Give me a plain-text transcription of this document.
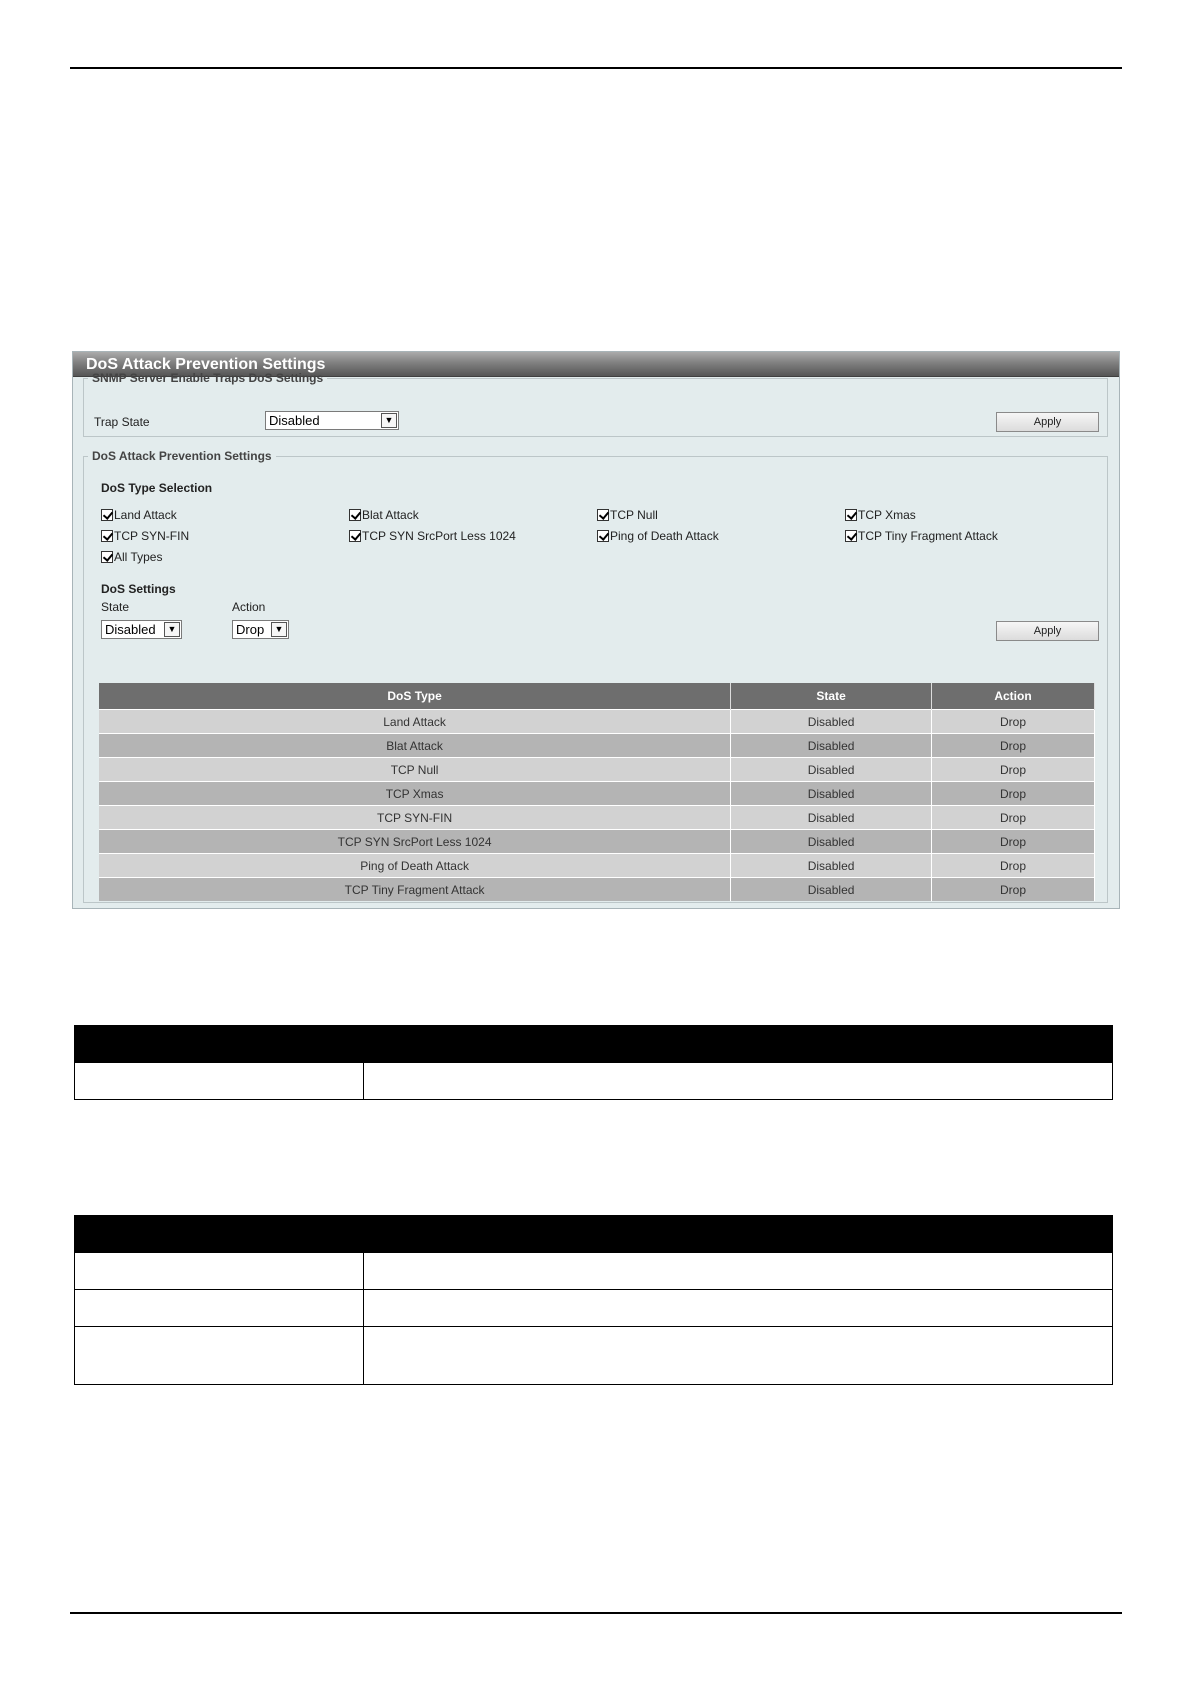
DoS Attack Prevention Settings
SNMP Server Enable Traps DoS Settings
Trap State	Disabled	▼	Apply
DoS Attack Prevention Settings
DoS Type Selection
Land Attack	Blat Attack	TCP Null	TCP Xmas
TCP SYN-FIN	TCP SYN SrcPort Less 1024	Ping of Death Attack	TCP Tiny Fragment Attack
All Types
DoS Settings
State	Action
Disabled	▼	Drop	▼	Apply
DoS Type	State	Action
Land Attack	Disabled	Drop
Blat Attack	Disabled	Drop
TCP Null	Disabled	Drop
TCP Xmas	Disabled	Drop
TCP SYN-FIN	Disabled	Drop
TCP SYN SrcPort Less 1024	Disabled	Drop
Ping of Death Attack	Disabled	Drop
TCP Tiny Fragment Attack	Disabled	Drop
